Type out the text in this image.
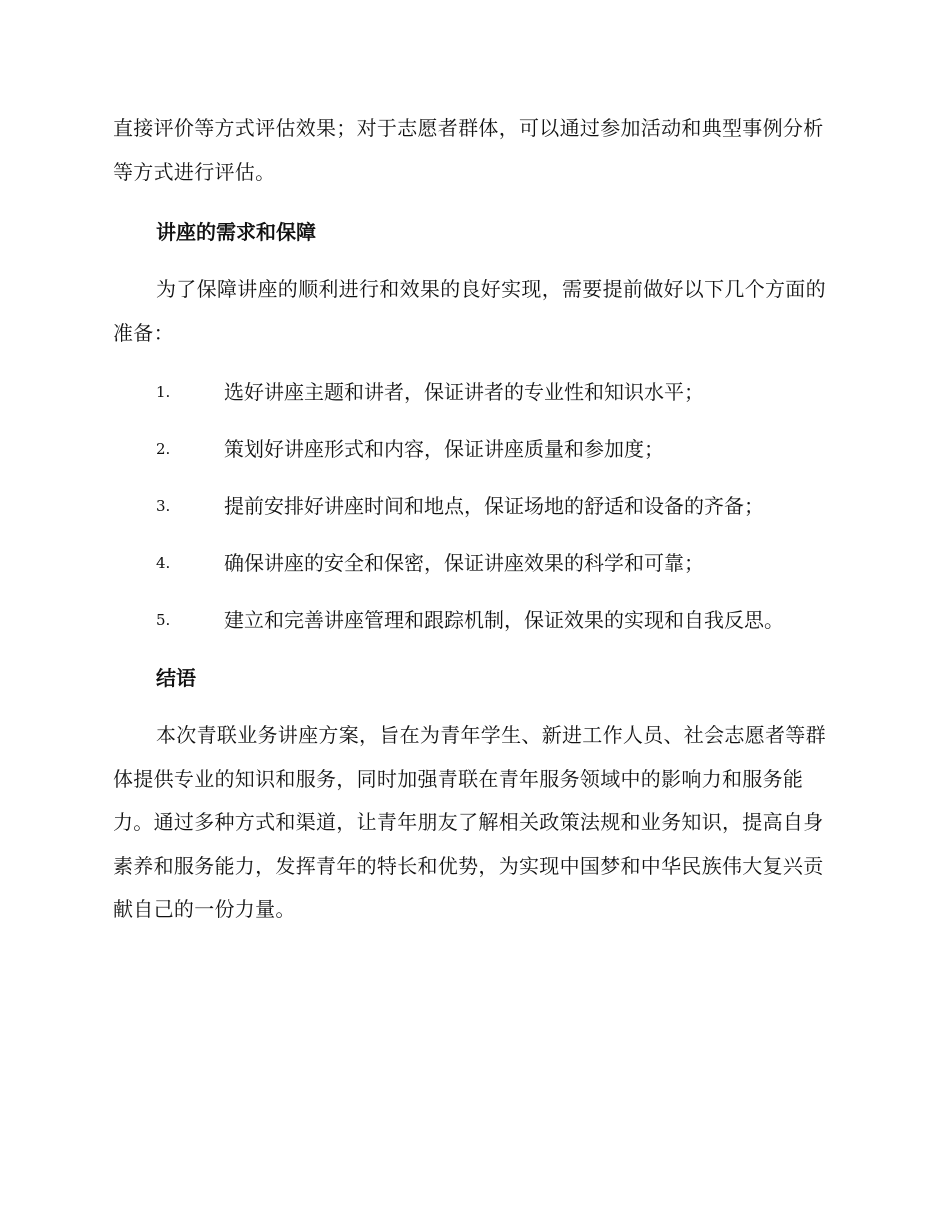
直接评价等方式评估效果；对于志愿者群体，可以通过参加活动和典型事例分析等方式进行评估。

讲座的需求和保障

为了保障讲座的顺利进行和效果的良好实现，需要提前做好以下几个方面的准备：

1.	选好讲座主题和讲者，保证讲者的专业性和知识水平；
2.	策划好讲座形式和内容，保证讲座质量和参加度；
3.	提前安排好讲座时间和地点，保证场地的舒适和设备的齐备；
4.	确保讲座的安全和保密，保证讲座效果的科学和可靠；
5.	建立和完善讲座管理和跟踪机制，保证效果的实现和自我反思。
结语

本次青联业务讲座方案，旨在为青年学生、新进工作人员、社会志愿者等群体提供专业的知识和服务，同时加强青联在青年服务领域中的影响力和服务能力。通过多种方式和渠道，让青年朋友了解相关政策法规和业务知识，提高自身素养和服务能力，发挥青年的特长和优势，为实现中国梦和中华民族伟大复兴贡献自己的一份力量。
